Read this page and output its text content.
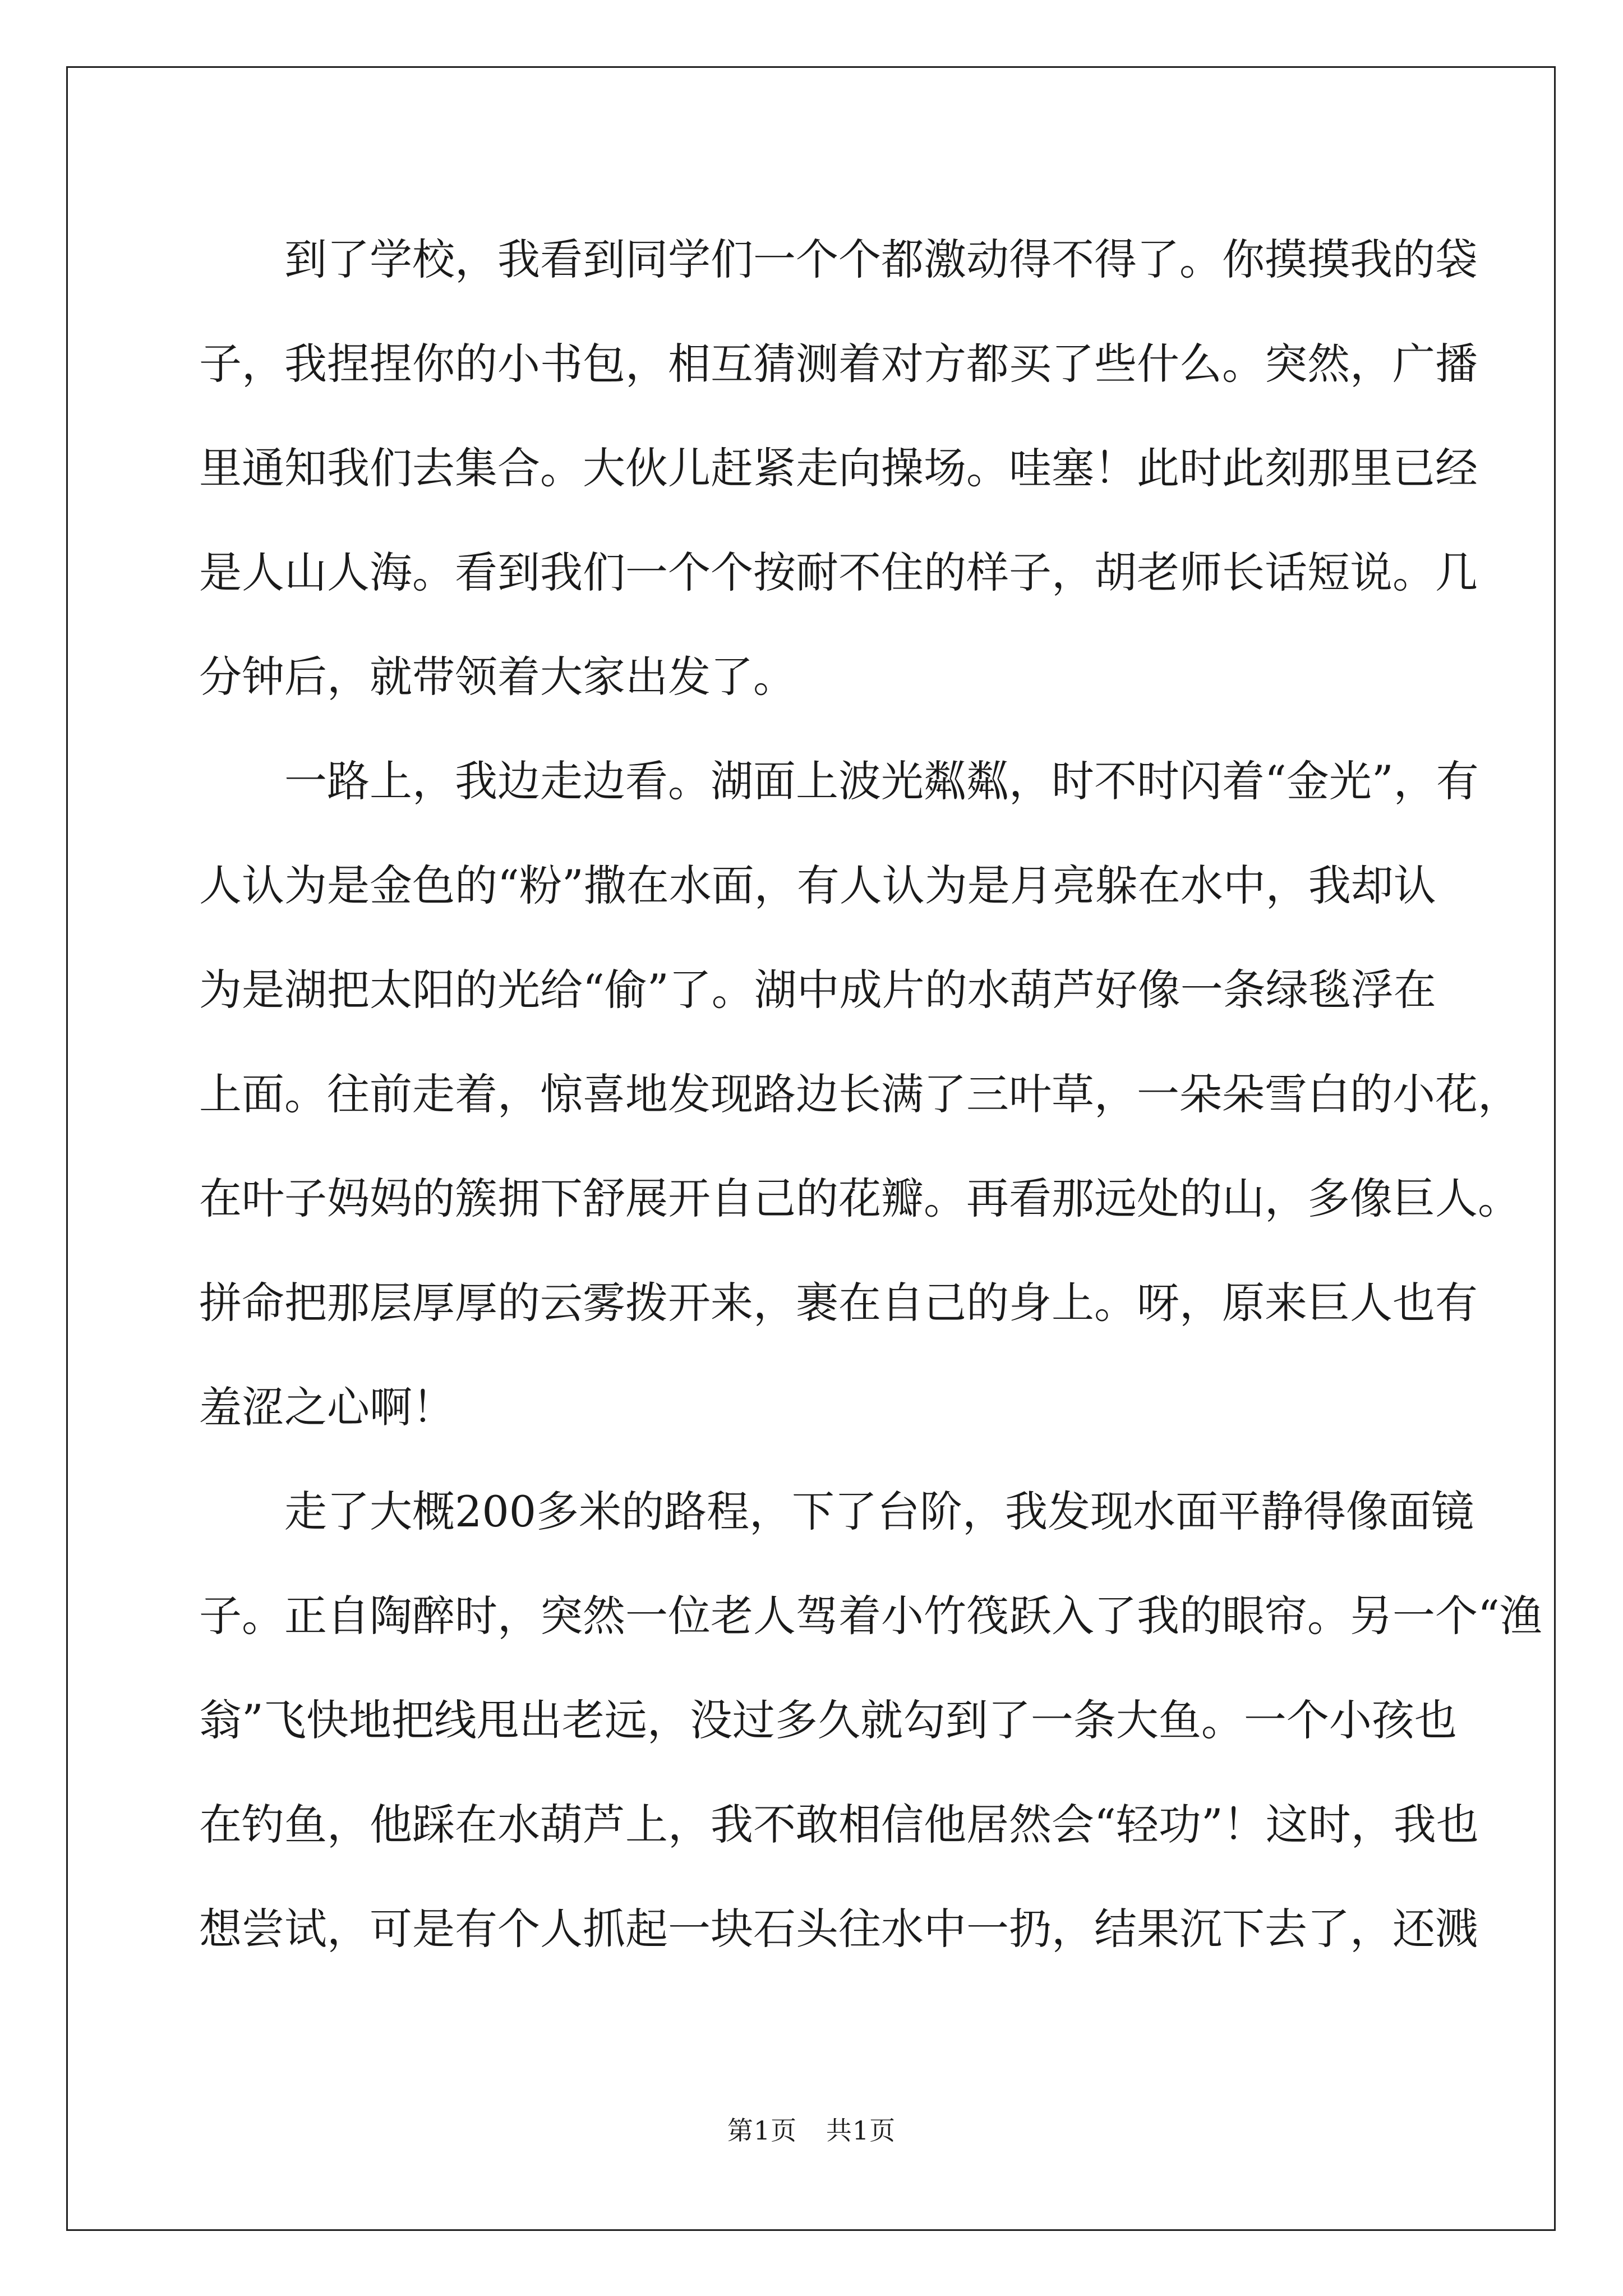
到了学校，我看到同学们一个个都激动得不得了。你摸摸我的袋
子，我捏捏你的小书包，相互猜测着对方都买了些什么。突然，广播
里通知我们去集合。大伙儿赶紧走向操场。哇塞！此时此刻那里已经
是人山人海。看到我们一个个按耐不住的样子，胡老师长话短说。几
分钟后，就带领着大家出发了。
一路上，我边走边看。湖面上波光粼粼，时不时闪着“金光”，有
人认为是金色的“粉”撒在水面，有人认为是月亮躲在水中，我却认
为是湖把太阳的光给“偷”了。湖中成片的水葫芦好像一条绿毯浮在
上面。往前走着，惊喜地发现路边长满了三叶草，一朵朵雪白的小花，
在叶子妈妈的簇拥下舒展开自己的花瓣。再看那远处的山，多像巨人。
拼命把那层厚厚的云雾拨开来，裹在自己的身上。呀，原来巨人也有
羞涩之心啊！
走了大概200多米的路程，下了台阶，我发现水面平静得像面镜
子。正自陶醉时，突然一位老人驾着小竹筏跃入了我的眼帘。另一个“渔
翁”飞快地把线甩出老远，没过多久就勾到了一条大鱼。一个小孩也
在钓鱼，他踩在水葫芦上，我不敢相信他居然会“轻功”！这时，我也
想尝试，可是有个人抓起一块石头往水中一扔，结果沉下去了，还溅
第1页 共1页
